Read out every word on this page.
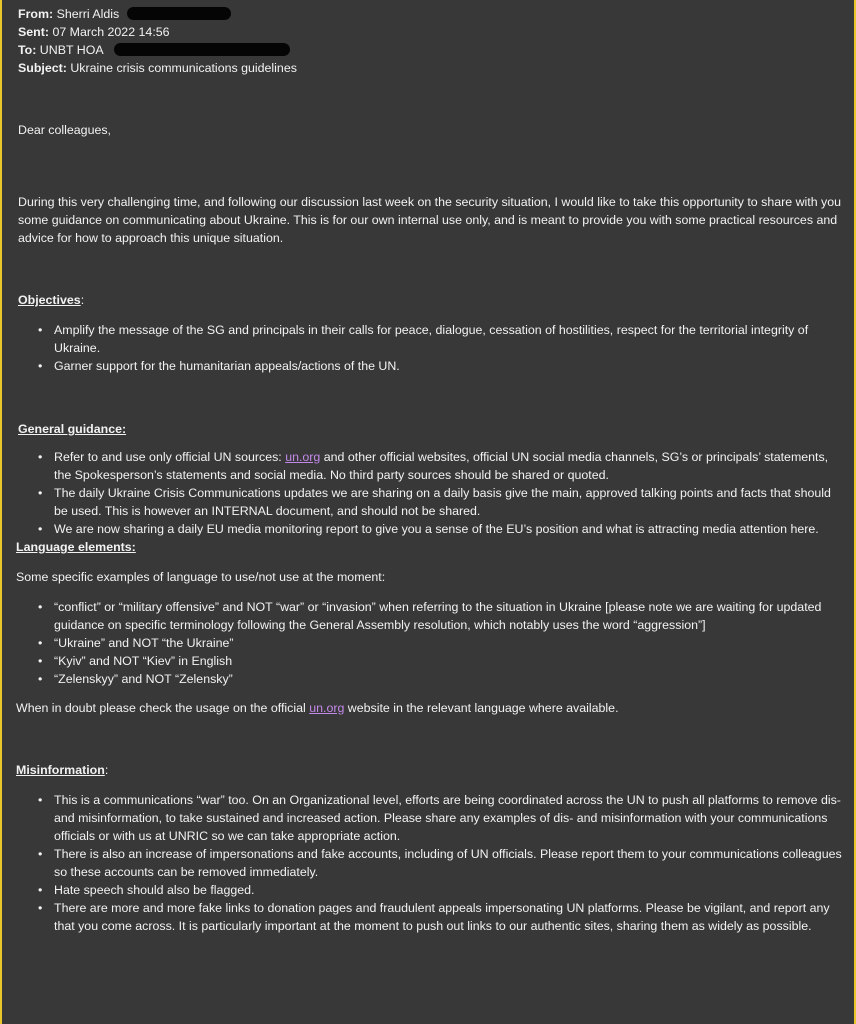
From: Sherri Aldis
Sent: 07 March 2022 14:56
To: UNBT HOA
Subject: Ukraine crisis communications guidelines

Dear colleagues,

During this very challenging time, and following our discussion last week on the security situation, I would like to take this opportunity to share with you some guidance on communicating about Ukraine. This is for our own internal use only, and is meant to provide you with some practical resources and advice for how to approach this unique situation.

Objectives:

• Amplify the message of the SG and principals in their calls for peace, dialogue, cessation of hostilities, respect for the territorial integrity of Ukraine.
• Garner support for the humanitarian appeals/actions of the UN.

General guidance:

• Refer to and use only official UN sources: un.org and other official websites, official UN social media channels, SG’s or principals’ statements, the Spokesperson’s statements and social media. No third party sources should be shared or quoted.
• The daily Ukraine Crisis Communications updates we are sharing on a daily basis give the main, approved talking points and facts that should be used. This is however an INTERNAL document, and should not be shared.
• We are now sharing a daily EU media monitoring report to give you a sense of the EU’s position and what is attracting media attention here.

Language elements:

Some specific examples of language to use/not use at the moment:

• “conflict” or “military offensive” and NOT “war” or “invasion” when referring to the situation in Ukraine [please note we are waiting for updated guidance on specific terminology following the General Assembly resolution, which notably uses the word “aggression”]
• “Ukraine” and NOT “the Ukraine”
• “Kyiv” and NOT “Kiev” in English
• “Zelenskyy” and NOT “Zelensky”

When in doubt please check the usage on the official un.org website in the relevant language where available.

Misinformation:

• This is a communications “war” too. On an Organizational level, efforts are being coordinated across the UN to push all platforms to remove dis- and misinformation, to take sustained and increased action. Please share any examples of dis- and misinformation with your communications officials or with us at UNRIC so we can take appropriate action.
• There is also an increase of impersonations and fake accounts, including of UN officials. Please report them to your communications colleagues so these accounts can be removed immediately.
• Hate speech should also be flagged.
• There are more and more fake links to donation pages and fraudulent appeals impersonating UN platforms. Please be vigilant, and report any that you come across. It is particularly important at the moment to push out links to our authentic sites, sharing them as widely as possible.
